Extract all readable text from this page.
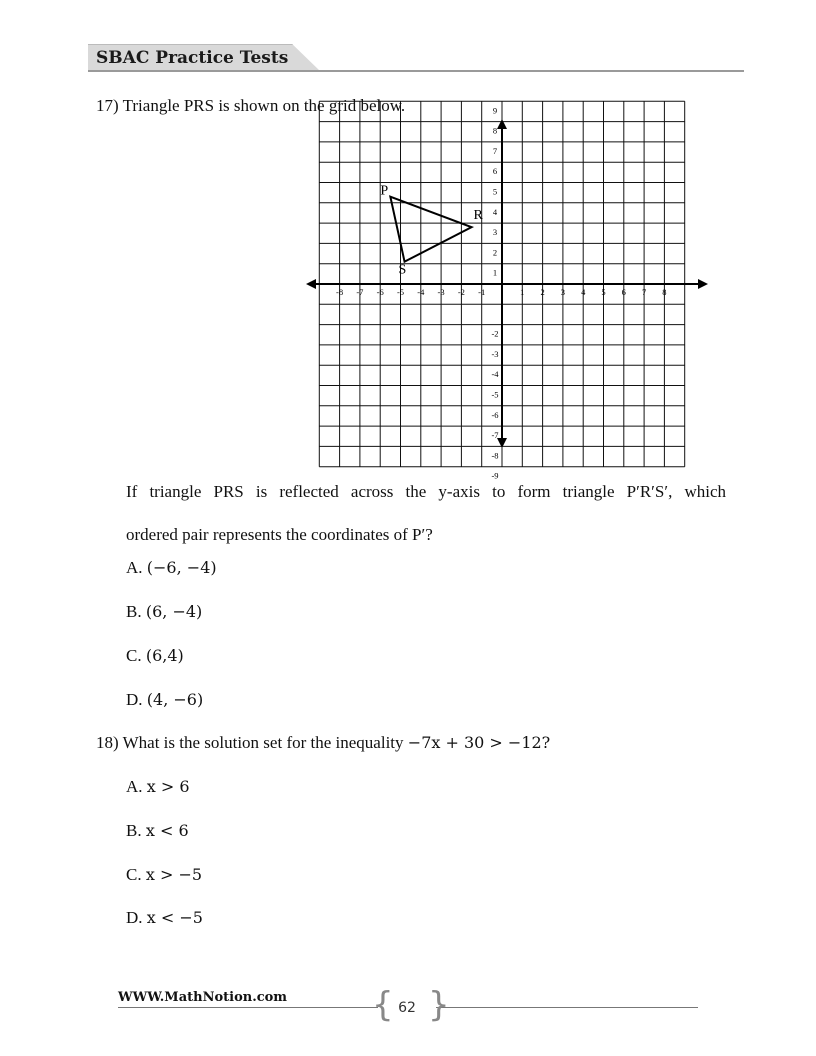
SBAC Practice Tests
17) Triangle PRS is shown on the grid below.
-8 -7 -6 -5 -4 -3 -2 -1	1 2 3 4 5 6 7 8
9
8
7
6
5
4
3
2
1
-2
-3
-4
-5
-6
-7
-8
-9
P
R
S
If triangle PRS is reflected across the y-axis to form triangle P′R′S′, which
ordered pair represents the coordinates of P′?
A. (−6, −4)
B. (6, −4)
C. (6,4)
D. (4, −6)
18) What is the solution set for the inequality −7x + 30 > −12?
A. x > 6
B. x < 6
C. x > −5
D. x < −5
WWW.MathNotion.com
62
{ }
